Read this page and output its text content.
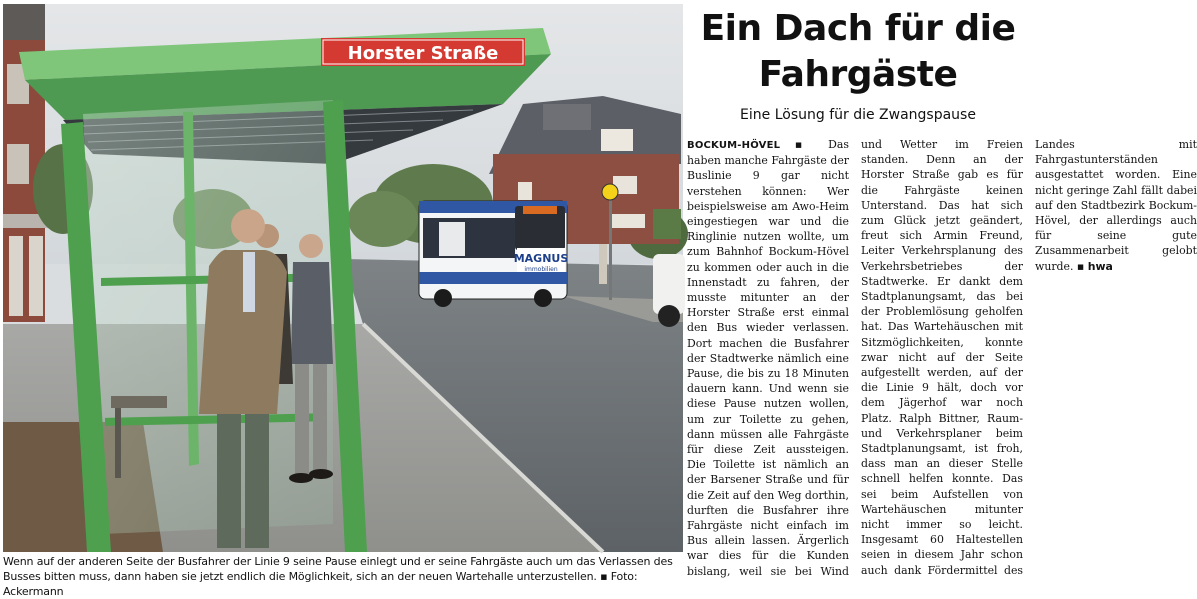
MAGNUS
immobilien
Horster Straße
Wenn auf der anderen Seite der Busfahrer der Linie 9 seine Pause einlegt und er seine Fahrgäste auch um das Verlassen des Busses bitten muss, dann haben sie jetzt endlich die Möglichkeit, sich an der neuen Wartehalle unterzustellen. ▪ Foto: Ackermann
Ein Dach für die
Fahrgäste
Eine Lösung für die Zwangspause

BOCKUM-HÖVEL ▪ Das haben manche Fahrgäste der Buslinie 9 gar nicht verstehen können: Wer beispielsweise am Awo-Heim eingestiegen war und die Ringlinie nutzen wollte, um zum Bahnhof Bockum-Hövel zu kommen oder auch in die Innenstadt zu fahren, der musste mitunter an der Horster Straße erst einmal den Bus wieder verlassen. Dort machen die Busfahrer der Stadtwerke nämlich eine Pause, die bis zu 18 Minuten dauern kann. Und wenn sie diese Pause nutzen wollen, um zur Toilette zu gehen, dann müssen alle Fahrgäste für diese Zeit aussteigen. Die Toilette ist nämlich an der Barsener Straße und für die Zeit auf den Weg dorthin, durften die Busfahrer ihre Fahrgäste nicht einfach im Bus allein lassen. Ärgerlich war dies für die Kunden bislang, weil sie bei Wind und Wetter im Freien standen. Denn an der Horster Straße gab es für die Fahrgäste keinen Unterstand. Das hat sich zum Glück jetzt geändert, freut sich Armin Freund, Leiter Verkehrsplanung des Verkehrsbetriebes der Stadtwerke. Er dankt dem Stadtplanungsamt, das bei der Problemlösung geholfen hat. Das Wartehäuschen mit Sitzmöglichkeiten, konnte zwar nicht auf der Seite aufgestellt werden, auf der die Linie 9 hält, doch vor dem Jägerhof war noch Platz. Ralph Bittner, Raum- und Verkehrsplaner beim Stadtplanungsamt, ist froh, dass man an dieser Stelle schnell helfen konnte. Das sei beim Aufstellen von Wartehäuschen mitunter nicht immer so leicht. Insgesamt 60 Haltestellen seien in diesem Jahr schon auch dank Fördermittel des Landes mit Fahrgastunterständen ausgestattet worden. Eine nicht geringe Zahl fällt dabei auf den Stadtbezirk Bockum-Hövel, der allerdings auch für seine gute Zusammenarbeit gelobt wurde. ▪ hwa
